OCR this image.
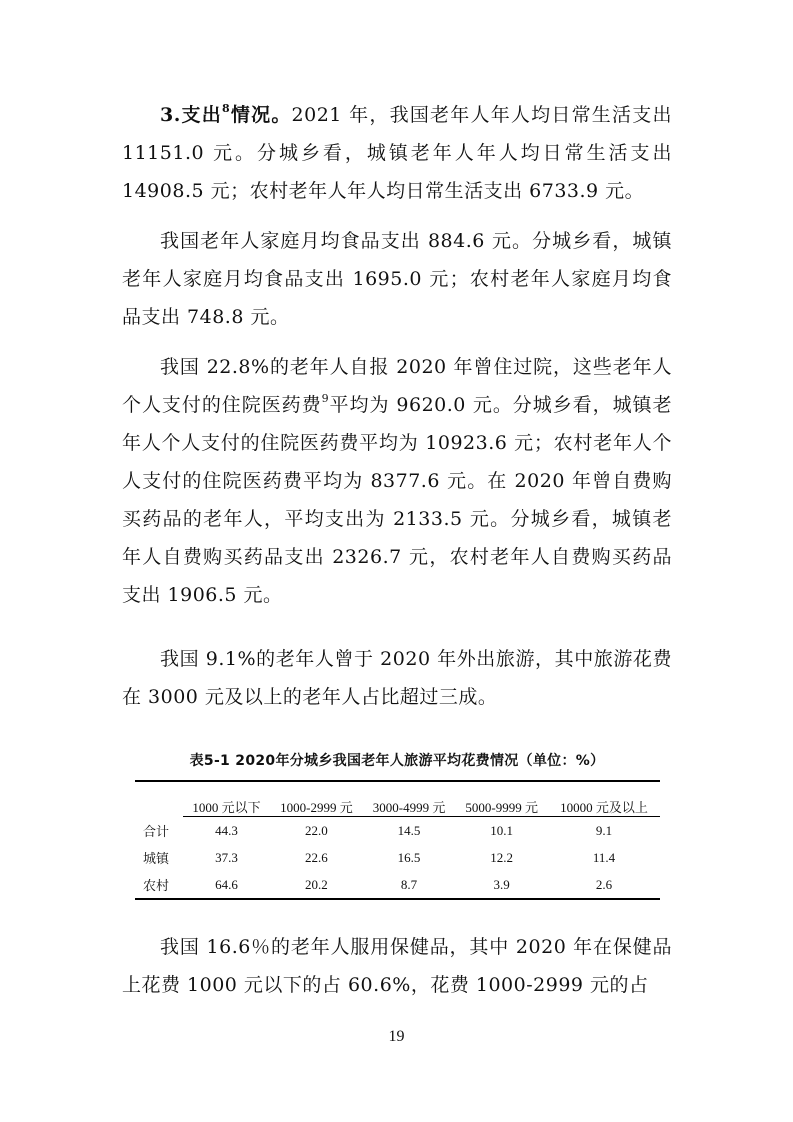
3.支出$^8$情况。2021 年，我国老年人年人均日常生活支出 11151.0 元。分城乡看，城镇老年人年人均日常生活支出 14908.5 元；农村老年人年人均日常生活支出 6733.9 元。

我国老年人家庭月均食品支出 884.6 元。分城乡看，城镇老年人家庭月均食品支出 1695.0 元；农村老年人家庭月均食品支出 748.8 元。

我国 22.8%的老年人自报 2020 年曾住过院，这些老年人个人支付的住院医药费$^9$平均为 9620.0 元。分城乡看，城镇老年人个人支付的住院医药费平均为 10923.6 元；农村老年人个人支付的住院医药费平均为 8377.6 元。在 2020 年曾自费购买药品的老年人，平均支出为 2133.5 元。分城乡看，城镇老年人自费购买药品支出 2326.7 元，农村老年人自费购买药品支出 1906.5 元。

我国 9.1%的老年人曾于 2020 年外出旅游，其中旅游花费在 3000 元及以上的老年人占比超过三成。

表5-1 2020年分城乡我国老年人旅游平均花费情况（单位：%）

	1000 元以下	1000-2999 元	3000-4999 元	5000-9999 元	10000 元及以上
合计	44.3	22.0	14.5	10.1	9.1
城镇	37.3	22.6	16.5	12.2	11.4
农村	64.6	20.2	8.7	3.9	2.6

我国 16.6％的老年人服用保健品，其中 2020 年在保健品上花费 1000 元以下的占 60.6%，花费 1000-2999 元的占

19
